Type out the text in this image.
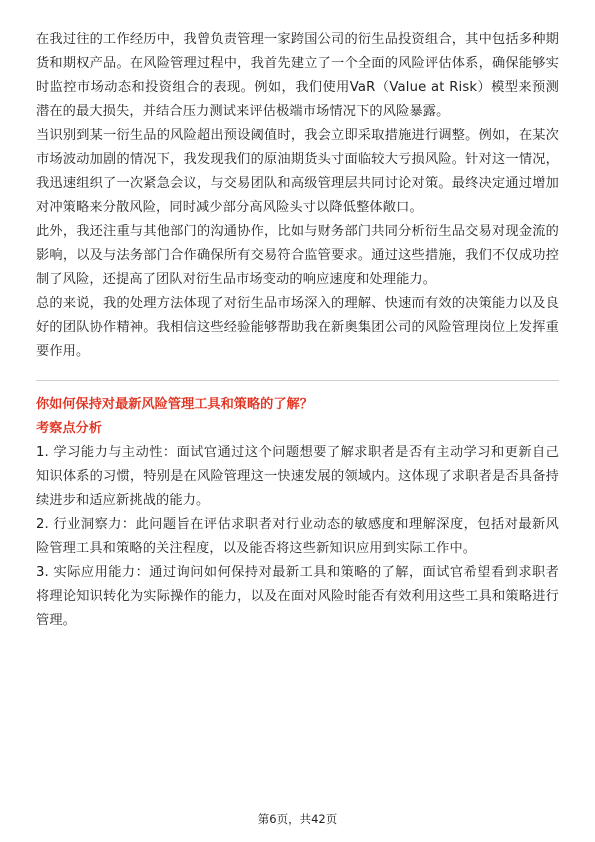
在我过往的工作经历中，我曾负责管理一家跨国公司的衍生品投资组合，其中包括多种期货和期权产品。在风险管理过程中，我首先建立了一个全面的风险评估体系，确保能够实时监控市场动态和投资组合的表现。例如，我们使用VaR（Value at Risk）模型来预测潜在的最大损失，并结合压力测试来评估极端市场情况下的风险暴露。

当识别到某一衍生品的风险超出预设阈值时，我会立即采取措施进行调整。例如，在某次市场波动加剧的情况下，我发现我们的原油期货头寸面临较大亏损风险。针对这一情况，我迅速组织了一次紧急会议，与交易团队和高级管理层共同讨论对策。最终决定通过增加对冲策略来分散风险，同时减少部分高风险头寸以降低整体敞口。

此外，我还注重与其他部门的沟通协作，比如与财务部门共同分析衍生品交易对现金流的影响，以及与法务部门合作确保所有交易符合监管要求。通过这些措施，我们不仅成功控制了风险，还提高了团队对衍生品市场变动的响应速度和处理能力。

总的来说，我的处理方法体现了对衍生品市场深入的理解、快速而有效的决策能力以及良好的团队协作精神。我相信这些经验能够帮助我在新奥集团公司的风险管理岗位上发挥重要作用。

你如何保持对最新风险管理工具和策略的了解？
考察点分析

1. 学习能力与主动性：面试官通过这个问题想要了解求职者是否有主动学习和更新自己知识体系的习惯，特别是在风险管理这一快速发展的领域内。这体现了求职者是否具备持续进步和适应新挑战的能力。

2. 行业洞察力：此问题旨在评估求职者对行业动态的敏感度和理解深度，包括对最新风险管理工具和策略的关注程度，以及能否将这些新知识应用到实际工作中。

3. 实际应用能力：通过询问如何保持对最新工具和策略的了解，面试官希望看到求职者将理论知识转化为实际操作的能力，以及在面对风险时能否有效利用这些工具和策略进行管理。

第6页，共42页
